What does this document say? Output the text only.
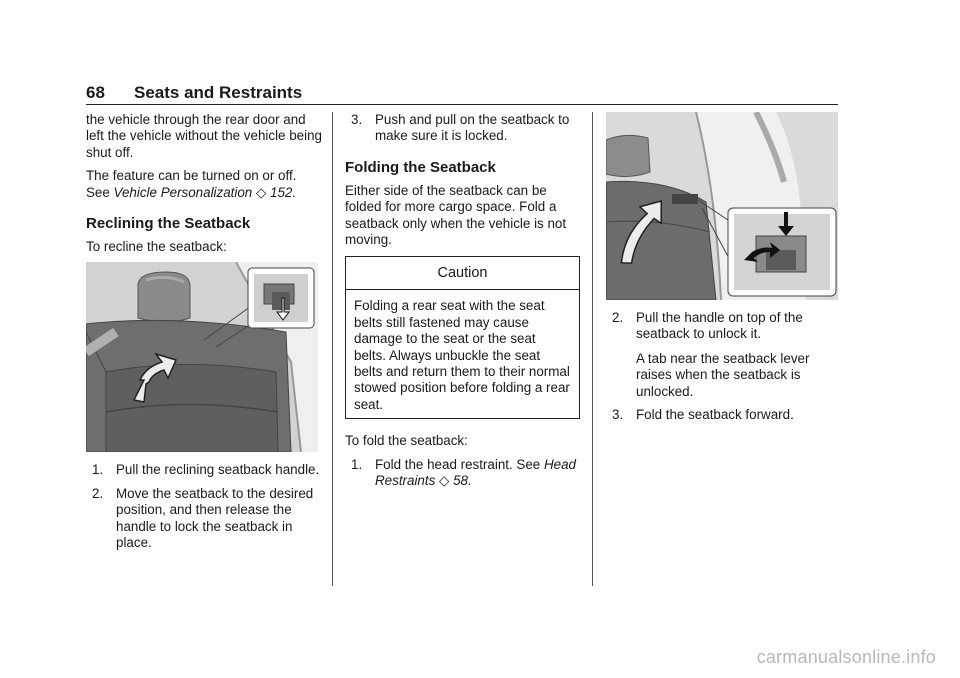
68 Seats and Restraints

the vehicle through the rear door and left the vehicle without the vehicle being shut off.

The feature can be turned on or off. See Vehicle Personalization ◇ 152.

Reclining the Seatback

To recline the seatback:

1. Pull the reclining seatback handle.
2. Move the seatback to the desired position, and then release the handle to lock the seatback in place.
3. Push and pull on the seatback to make sure it is locked.
Folding the Seatback

Either side of the seatback can be folded for more cargo space. Fold a seatback only when the vehicle is not moving.

Caution
Folding a rear seat with the seat belts still fastened may cause damage to the seat or the seat belts. Always unbuckle the seat belts and return them to their normal stowed position before folding a rear seat.

To fold the seatback:

1. Fold the head restraint. See Head Restraints ◇ 58.
2. Pull the handle on top of the seatback to unlock it.
A tab near the seatback lever raises when the seatback is unlocked.
3. Fold the seatback forward.
carmanualsonline.info
